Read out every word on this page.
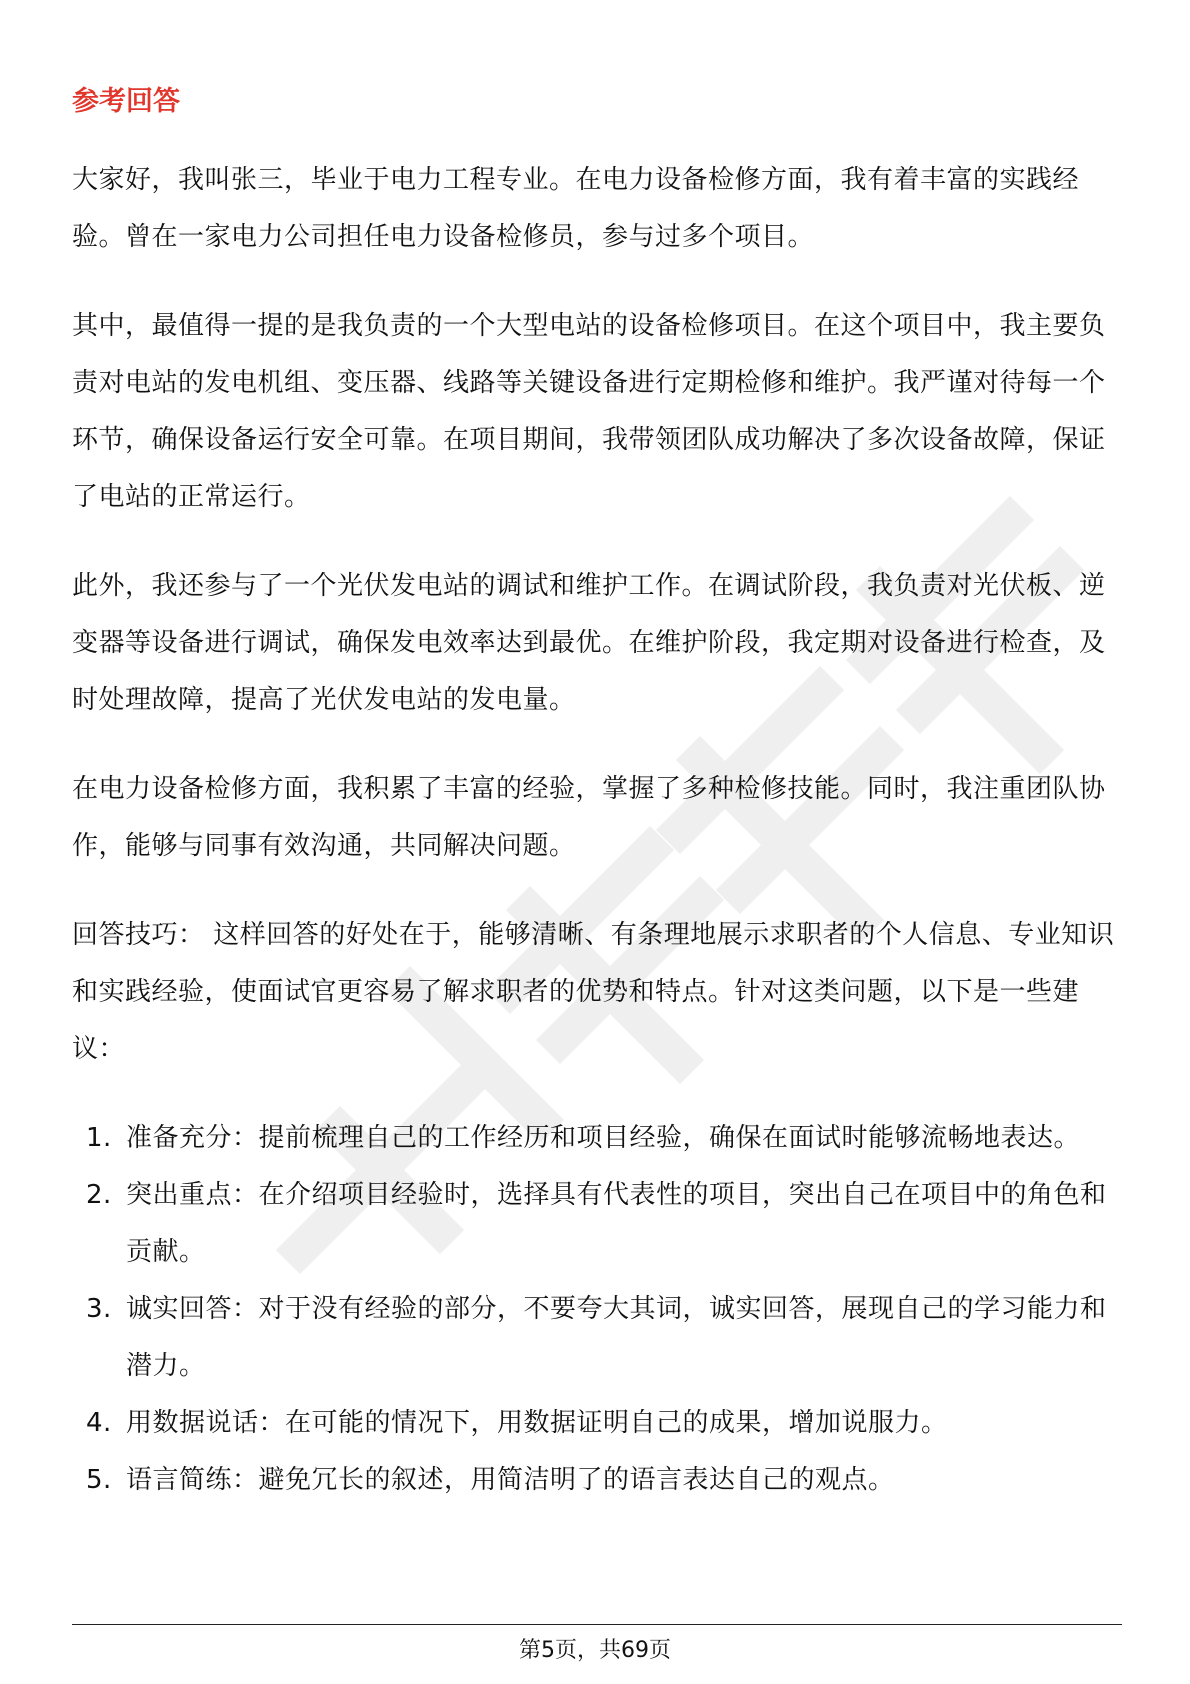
参考回答

大家好，我叫张三，毕业于电力工程专业。在电力设备检修方面，我有着丰富的实践经验。曾在一家电力公司担任电力设备检修员，参与过多个项目。

其中，最值得一提的是我负责的一个大型电站的设备检修项目。在这个项目中，我主要负责对电站的发电机组、变压器、线路等关键设备进行定期检修和维护。我严谨对待每一个环节，确保设备运行安全可靠。在项目期间，我带领团队成功解决了多次设备故障，保证了电站的正常运行。

此外，我还参与了一个光伏发电站的调试和维护工作。在调试阶段，我负责对光伏板、逆变器等设备进行调试，确保发电效率达到最优。在维护阶段，我定期对设备进行检查，及时处理故障，提高了光伏发电站的发电量。

在电力设备检修方面，我积累了丰富的经验，掌握了多种检修技能。同时，我注重团队协作，能够与同事有效沟通，共同解决问题。

回答技巧： 这样回答的好处在于，能够清晰、有条理地展示求职者的个人信息、专业知识和实践经验，使面试官更容易了解求职者的优势和特点。针对这类问题，以下是一些建议：

1. 准备充分：提前梳理自己的工作经历和项目经验，确保在面试时能够流畅地表达。
2. 突出重点：在介绍项目经验时，选择具有代表性的项目，突出自己在项目中的角色和贡献。
3. 诚实回答：对于没有经验的部分，不要夸大其词，诚实回答，展现自己的学习能力和潜力。
4. 用数据说话：在可能的情况下，用数据证明自己的成果，增加说服力。
5. 语言简练：避免冗长的叙述，用简洁明了的语言表达自己的观点。
第5页，共69页
